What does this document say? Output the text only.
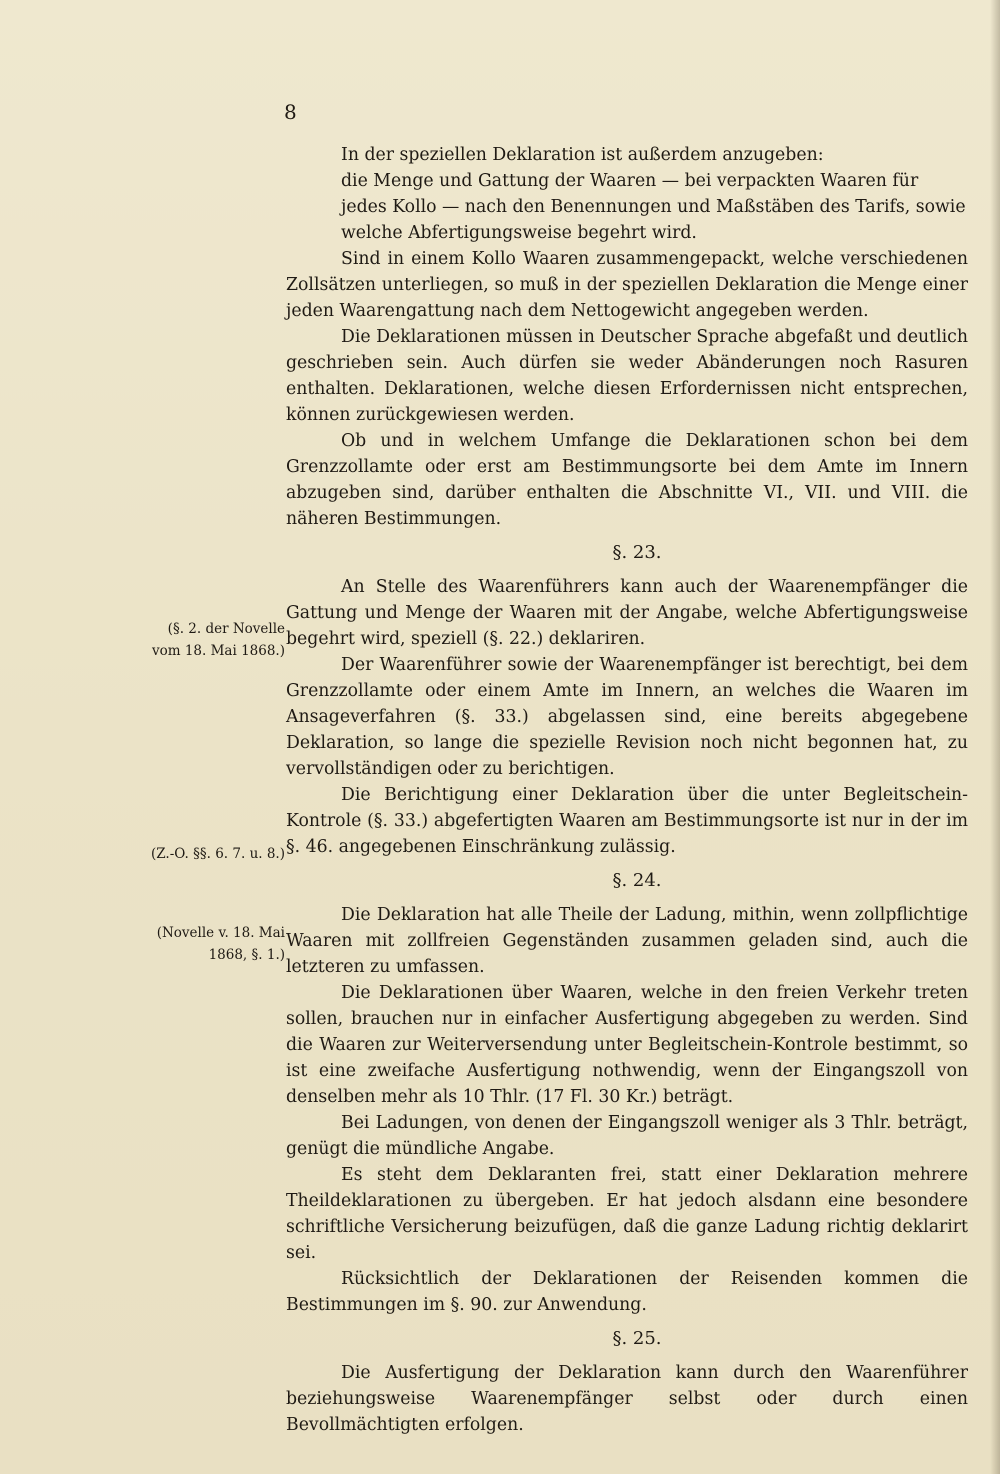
8
(§. 2. der Novelle
vom 18. Mai 1868.)
(Z.-O. §§. 6. 7. u. 8.)
(Novelle v. 18. Mai
1868, §. 1.)

In der speziellen Deklaration ist außerdem anzugeben:

die Menge und Gattung der Waaren — bei verpackten Waaren für jedes Kollo — nach den Benennungen und Maßstäben des Tarifs, sowie welche Abfertigungsweise begehrt wird.

Sind in einem Kollo Waaren zusammengepackt, welche verschiedenen Zollsätzen unterliegen, so muß in der speziellen Deklaration die Menge einer jeden Waarengattung nach dem Nettogewicht angegeben werden.

Die Deklarationen müssen in Deutscher Sprache abgefaßt und deutlich geschrieben sein. Auch dürfen sie weder Abänderungen noch Rasuren enthalten. Deklarationen, welche diesen Erfordernissen nicht entsprechen, können zurückgewiesen werden.

Ob und in welchem Umfange die Deklarationen schon bei dem Grenzzollamte oder erst am Bestimmungsorte bei dem Amte im Innern abzugeben sind, darüber enthalten die Abschnitte VI., VII. und VIII. die näheren Bestimmungen.

§. 23.

An Stelle des Waarenführers kann auch der Waarenempfänger die Gattung und Menge der Waaren mit der Angabe, welche Abfertigungsweise begehrt wird, speziell (§. 22.) deklariren.

Der Waarenführer sowie der Waarenempfänger ist berechtigt, bei dem Grenzzollamte oder einem Amte im Innern, an welches die Waaren im Ansageverfahren (§. 33.) abgelassen sind, eine bereits abgegebene Deklaration, so lange die spezielle Revision noch nicht begonnen hat, zu vervollständigen oder zu berichtigen.

Die Berichtigung einer Deklaration über die unter Begleitschein-Kontrole (§. 33.) abgefertigten Waaren am Bestimmungsorte ist nur in der im §. 46. angegebenen Einschränkung zulässig.

§. 24.

Die Deklaration hat alle Theile der Ladung, mithin, wenn zollpflichtige Waaren mit zollfreien Gegenständen zusammen geladen sind, auch die letzteren zu umfassen.

Die Deklarationen über Waaren, welche in den freien Verkehr treten sollen, brauchen nur in einfacher Ausfertigung abgegeben zu werden. Sind die Waaren zur Weiterversendung unter Begleitschein-Kontrole bestimmt, so ist eine zweifache Ausfertigung nothwendig, wenn der Eingangszoll von denselben mehr als 10 Thlr. (17 Fl. 30 Kr.) beträgt.

Bei Ladungen, von denen der Eingangszoll weniger als 3 Thlr. beträgt, genügt die mündliche Angabe.

Es steht dem Deklaranten frei, statt einer Deklaration mehrere Theildeklarationen zu übergeben. Er hat jedoch alsdann eine besondere schriftliche Versicherung beizufügen, daß die ganze Ladung richtig deklarirt sei.

Rücksichtlich der Deklarationen der Reisenden kommen die Bestimmungen im §. 90. zur Anwendung.

§. 25.

Die Ausfertigung der Deklaration kann durch den Waarenführer beziehungsweise Waarenempfänger selbst oder durch einen Bevollmächtigten erfolgen.
